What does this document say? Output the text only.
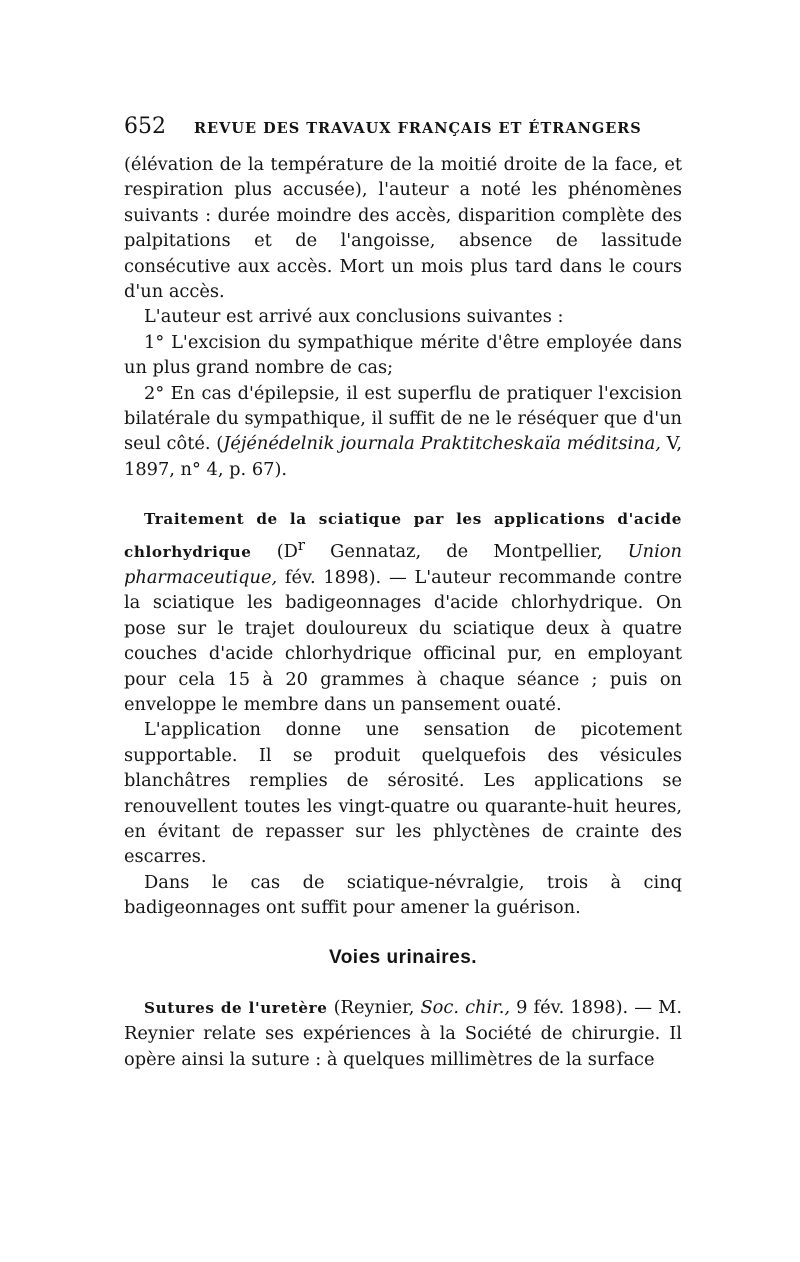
652 REVUE DES TRAVAUX FRANÇAIS ET ÉTRANGERS

(élévation de la température de la moitié droite de la face, et respiration plus accusée), l'auteur a noté les phénomènes suivants : durée moindre des accès, disparition complète des palpitations et de l'angoisse, absence de lassitude consécutive aux accès. Mort un mois plus tard dans le cours d'un accès.

L'auteur est arrivé aux conclusions suivantes :

1° L'excision du sympathique mérite d'être employée dans un plus grand nombre de cas;

2° En cas d'épilepsie, il est superflu de pratiquer l'excision bilatérale du sympathique, il suffit de ne le réséquer que d'un seul côté. (Jéjénédelnik journala Praktitcheskaïa méditsina, V, 1897, n° 4, p. 67).

Traitement de la sciatique par les applications d'acide chlorhydrique ($D^r$ Gennataz, de Montpellier, Union pharmaceutique, fév. 1898). — L'auteur recommande contre la sciatique les badigeonnages d'acide chlorhydrique. On pose sur le trajet douloureux du sciatique deux à quatre couches d'acide chlorhydrique officinal pur, en employant pour cela 15 à 20 grammes à chaque séance ; puis on enveloppe le membre dans un pansement ouaté.

L'application donne une sensation de picotement supportable. Il se produit quelquefois des vésicules blanchâtres remplies de sérosité. Les applications se renouvellent toutes les vingt-quatre ou quarante-huit heures, en évitant de repasser sur les phlyctènes de crainte des escarres.

Dans le cas de sciatique-névralgie, trois à cinq badigeonnages ont suffit pour amener la guérison.

Voies urinaires.

Sutures de l'uretère (Reynier, Soc. chir., 9 fév. 1898). — M. Reynier relate ses expériences à la Société de chirurgie. Il opère ainsi la suture : à quelques millimètres de la surface
